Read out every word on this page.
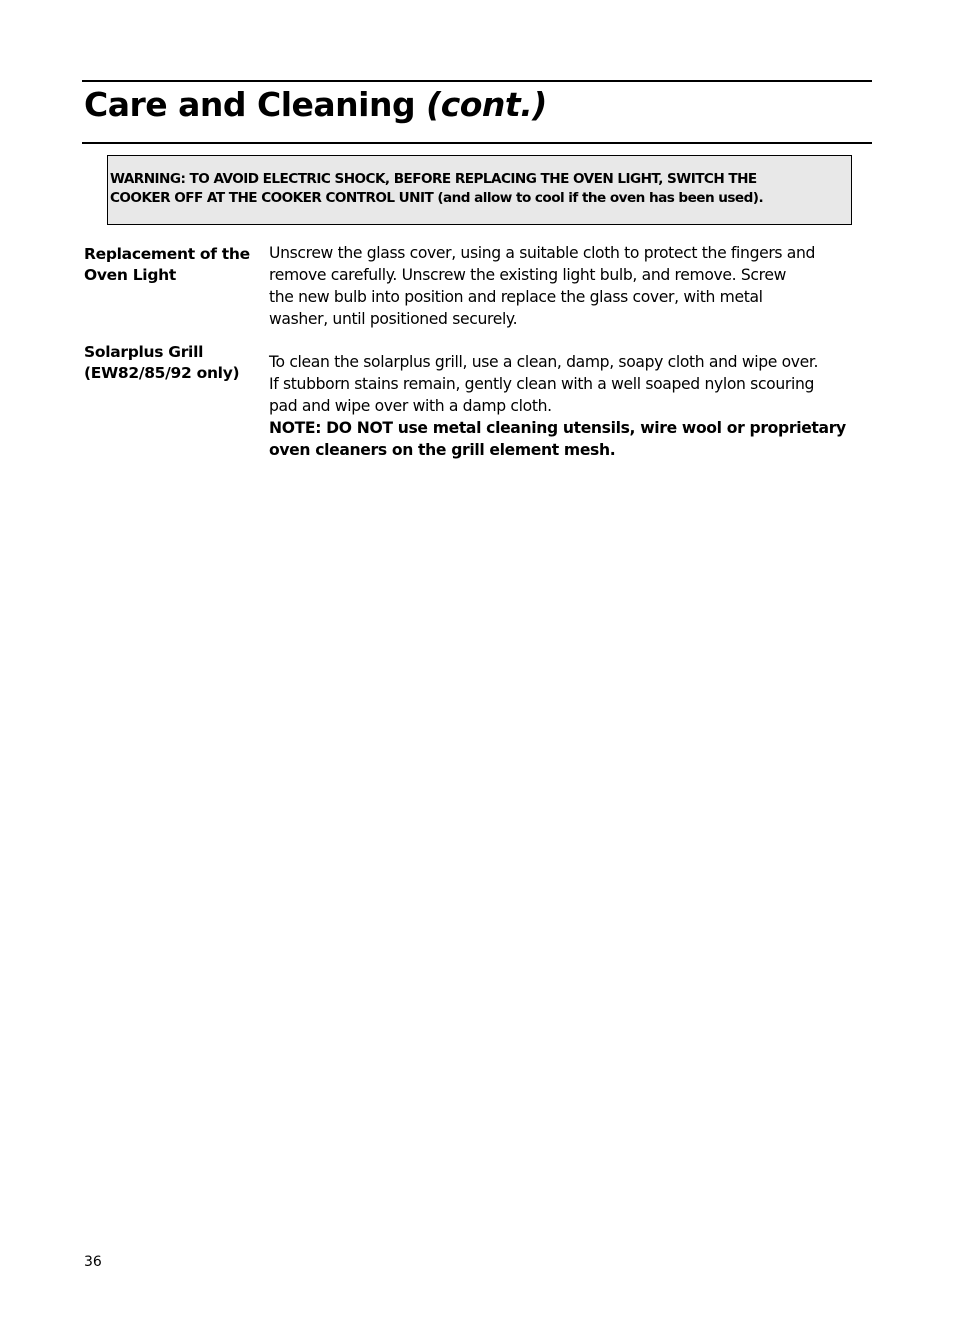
Care and Cleaning (cont.)
WARNING: TO AVOID ELECTRIC SHOCK, BEFORE REPLACING THE OVEN LIGHT, SWITCH THE
COOKER OFF AT THE COOKER CONTROL UNIT (and allow to cool if the oven has been used).
Replacement of the
Oven Light
Unscrew the glass cover, using a suitable cloth to protect the fingers and
remove carefully. Unscrew the existing light bulb, and remove. Screw
the new bulb into position and replace the glass cover, with metal
washer, until positioned securely.
Solarplus Grill
(EW82/85/92 only)
To clean the solarplus grill, use a clean, damp, soapy cloth and wipe over.
If stubborn stains remain, gently clean with a well soaped nylon scouring
pad and wipe over with a damp cloth.
NOTE: DO NOT use metal cleaning utensils, wire wool or proprietary
oven cleaners on the grill element mesh.
36
